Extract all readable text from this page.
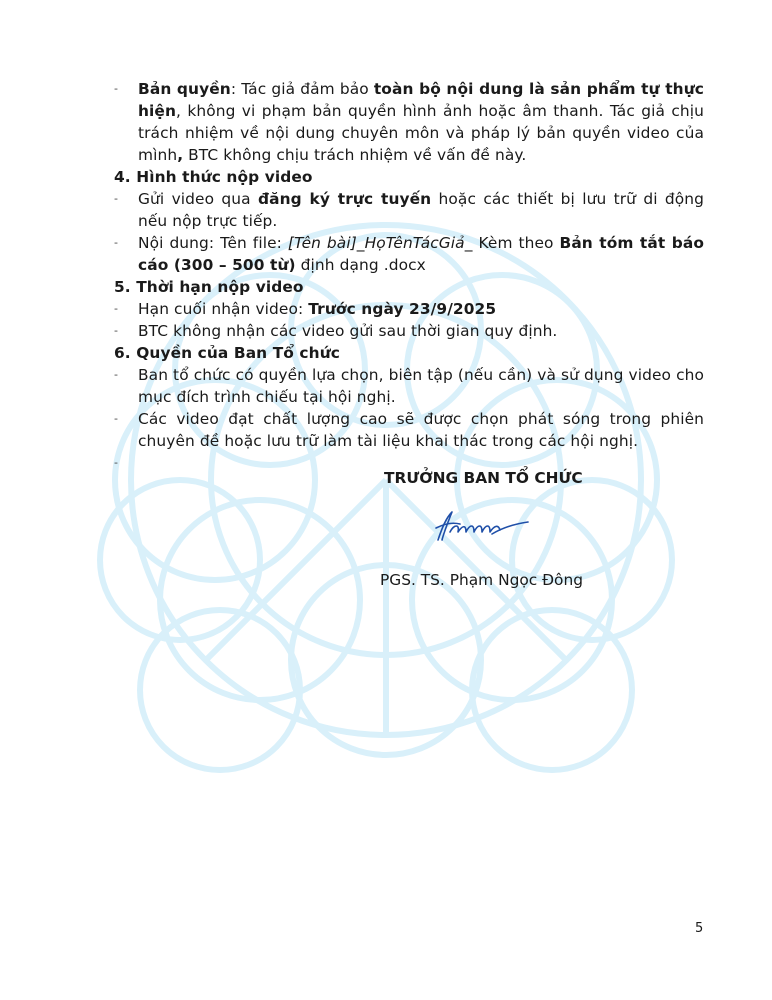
- Bản quyền: Tác giả đảm bảo toàn bộ nội dung là sản phẩm tự thực hiện, không vi phạm bản quyền hình ảnh hoặc âm thanh. Tác giả chịu trách nhiệm về nội dung chuyên môn và pháp lý bản quyền video của mình, BTC không chịu trách nhiệm về vấn đề này.
4. Hình thức nộp video
- Gửi video qua đăng ký trực tuyến hoặc các thiết bị lưu trữ di động nếu nộp trực tiếp.
- Nội dung: Tên file: [Tên bài]_HọTênTácGiả_ Kèm theo Bản tóm tắt báo cáo (300 – 500 từ) định dạng .docx
5. Thời hạn nộp video
- Hạn cuối nhận video: Trước ngày 23/9/2025
- BTC không nhận các video gửi sau thời gian quy định.
6. Quyền của Ban Tổ chức
- Ban tổ chức có quyền lựa chọn, biên tập (nếu cần) và sử dụng video cho mục đích trình chiếu tại hội nghị.
- Các video đạt chất lượng cao sẽ được chọn phát sóng trong phiên chuyên đề hoặc lưu trữ làm tài liệu khai thác trong các hội nghị.
-
TRƯỞNG BAN TỔ CHỨC
PGS. TS. Phạm Ngọc Đông
5
